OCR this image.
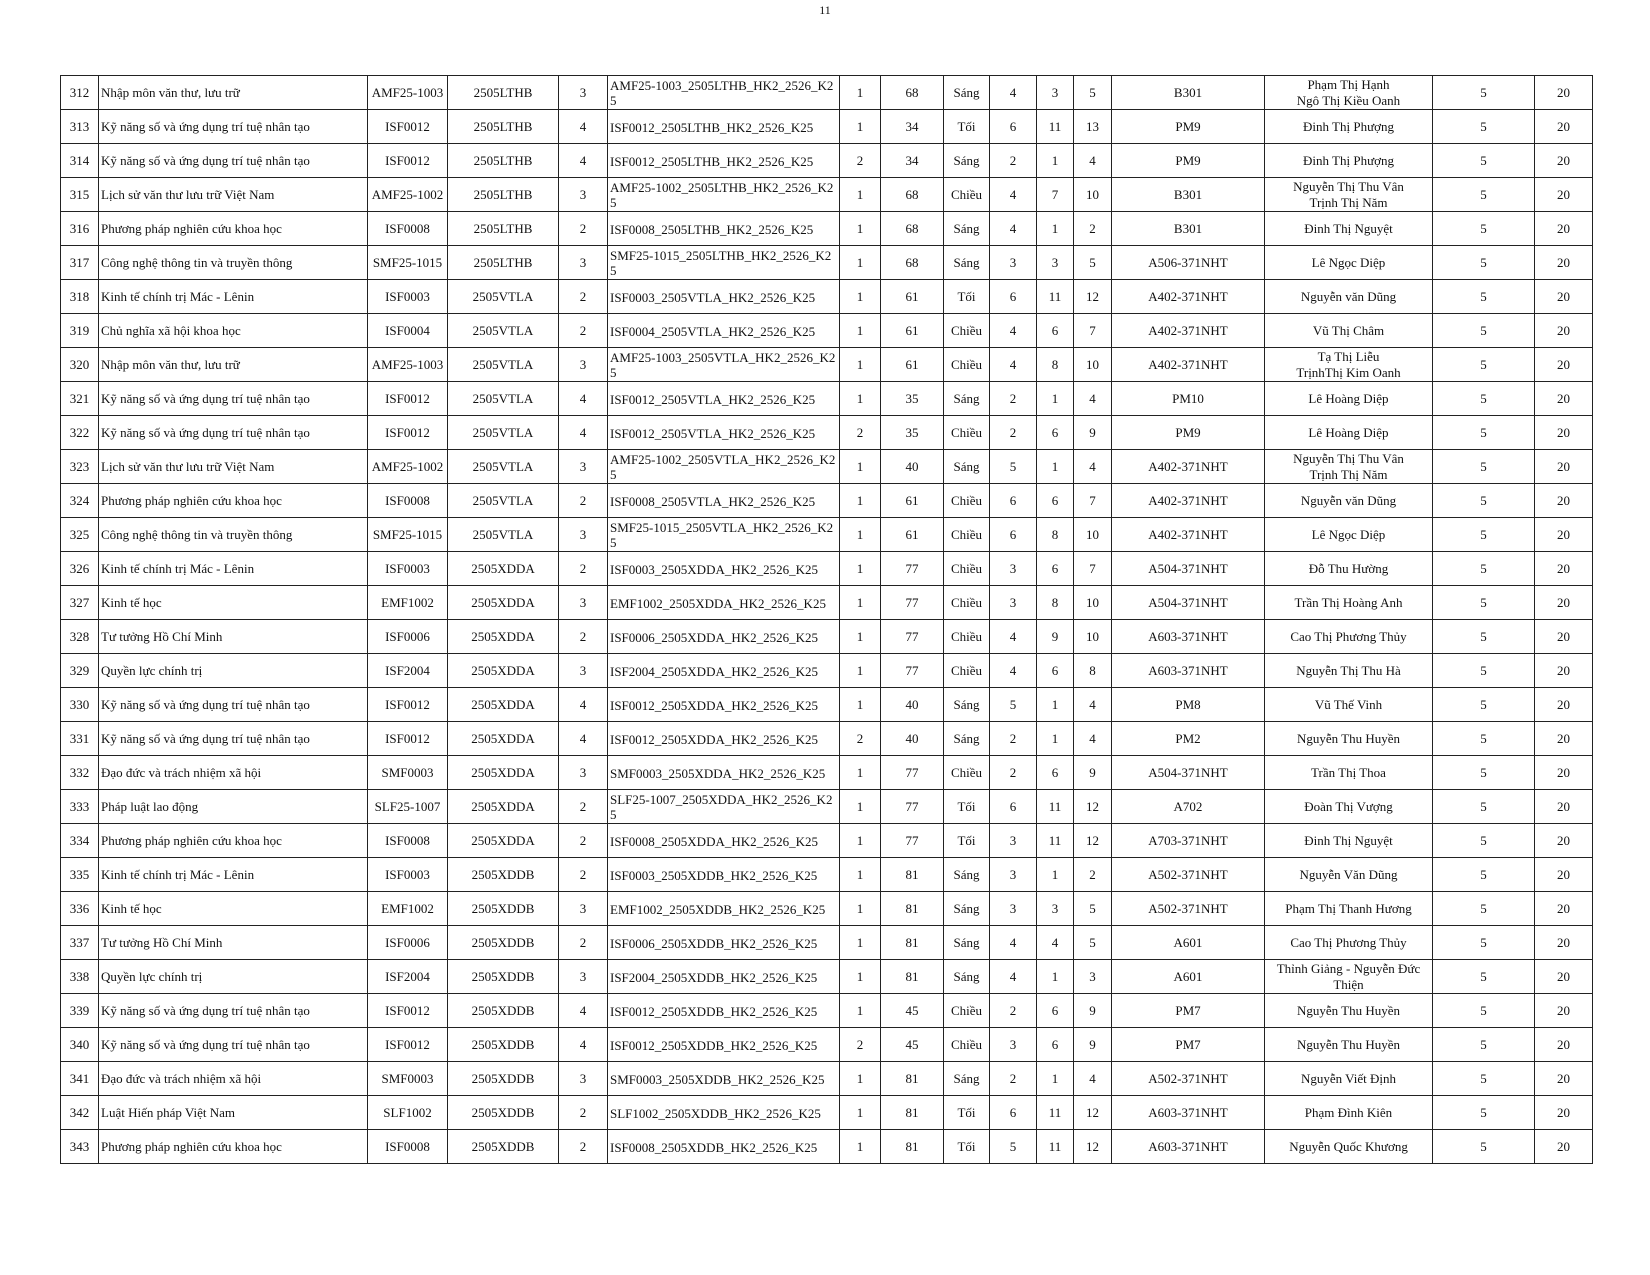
11
312	Nhập môn văn thư, lưu trữ	AMF25-1003	2505LTHB	3	AMF25-1003_2505LTHB_HK2_2526_K25	1	68	Sáng	4	3	5	B301	Phạm Thị Hạnh
Ngô Thị Kiều Oanh	5	20
313	Kỹ năng số và ứng dụng trí tuệ nhân tạo	ISF0012	2505LTHB	4	ISF0012_2505LTHB_HK2_2526_K25	1	34	Tối	6	11	13	PM9	Đinh Thị Phượng	5	20
314	Kỹ năng số và ứng dụng trí tuệ nhân tạo	ISF0012	2505LTHB	4	ISF0012_2505LTHB_HK2_2526_K25	2	34	Sáng	2	1	4	PM9	Đinh Thị Phượng	5	20
315	Lịch sử văn thư lưu trữ Việt Nam	AMF25-1002	2505LTHB	3	AMF25-1002_2505LTHB_HK2_2526_K25	1	68	Chiều	4	7	10	B301	Nguyễn Thị Thu Vân
Trịnh Thị Năm	5	20
316	Phương pháp nghiên cứu khoa học	ISF0008	2505LTHB	2	ISF0008_2505LTHB_HK2_2526_K25	1	68	Sáng	4	1	2	B301	Đinh Thị Nguyệt	5	20
317	Công nghệ thông tin và truyền thông	SMF25-1015	2505LTHB	3	SMF25-1015_2505LTHB_HK2_2526_K25	1	68	Sáng	3	3	5	A506-371NHT	Lê Ngọc Diệp	5	20
318	Kinh tế chính trị Mác - Lênin	ISF0003	2505VTLA	2	ISF0003_2505VTLA_HK2_2526_K25	1	61	Tối	6	11	12	A402-371NHT	Nguyễn văn Dũng	5	20
319	Chủ nghĩa xã hội khoa học	ISF0004	2505VTLA	2	ISF0004_2505VTLA_HK2_2526_K25	1	61	Chiều	4	6	7	A402-371NHT	Vũ Thị Châm	5	20
320	Nhập môn văn thư, lưu trữ	AMF25-1003	2505VTLA	3	AMF25-1003_2505VTLA_HK2_2526_K25	1	61	Chiều	4	8	10	A402-371NHT	Tạ Thị Liễu
TrịnhThị Kim Oanh	5	20
321	Kỹ năng số và ứng dụng trí tuệ nhân tạo	ISF0012	2505VTLA	4	ISF0012_2505VTLA_HK2_2526_K25	1	35	Sáng	2	1	4	PM10	Lê Hoàng Diệp	5	20
322	Kỹ năng số và ứng dụng trí tuệ nhân tạo	ISF0012	2505VTLA	4	ISF0012_2505VTLA_HK2_2526_K25	2	35	Chiều	2	6	9	PM9	Lê Hoàng Diệp	5	20
323	Lịch sử văn thư lưu trữ Việt Nam	AMF25-1002	2505VTLA	3	AMF25-1002_2505VTLA_HK2_2526_K25	1	40	Sáng	5	1	4	A402-371NHT	Nguyễn Thị Thu Vân
Trịnh Thị Năm	5	20
324	Phương pháp nghiên cứu khoa học	ISF0008	2505VTLA	2	ISF0008_2505VTLA_HK2_2526_K25	1	61	Chiều	6	6	7	A402-371NHT	Nguyễn văn Dũng	5	20
325	Công nghệ thông tin và truyền thông	SMF25-1015	2505VTLA	3	SMF25-1015_2505VTLA_HK2_2526_K25	1	61	Chiều	6	8	10	A402-371NHT	Lê Ngọc Diệp	5	20
326	Kinh tế chính trị Mác - Lênin	ISF0003	2505XDDA	2	ISF0003_2505XDDA_HK2_2526_K25	1	77	Chiều	3	6	7	A504-371NHT	Đỗ Thu Hường	5	20
327	Kinh tế học	EMF1002	2505XDDA	3	EMF1002_2505XDDA_HK2_2526_K25	1	77	Chiều	3	8	10	A504-371NHT	Trần Thị Hoàng Anh	5	20
328	Tư tưởng Hồ Chí Minh	ISF0006	2505XDDA	2	ISF0006_2505XDDA_HK2_2526_K25	1	77	Chiều	4	9	10	A603-371NHT	Cao Thị Phương Thủy	5	20
329	Quyền lực chính trị	ISF2004	2505XDDA	3	ISF2004_2505XDDA_HK2_2526_K25	1	77	Chiều	4	6	8	A603-371NHT	Nguyễn Thị Thu Hà	5	20
330	Kỹ năng số và ứng dụng trí tuệ nhân tạo	ISF0012	2505XDDA	4	ISF0012_2505XDDA_HK2_2526_K25	1	40	Sáng	5	1	4	PM8	Vũ Thế Vinh	5	20
331	Kỹ năng số và ứng dụng trí tuệ nhân tạo	ISF0012	2505XDDA	4	ISF0012_2505XDDA_HK2_2526_K25	2	40	Sáng	2	1	4	PM2	Nguyễn Thu Huyền	5	20
332	Đạo đức và trách nhiệm xã hội	SMF0003	2505XDDA	3	SMF0003_2505XDDA_HK2_2526_K25	1	77	Chiều	2	6	9	A504-371NHT	Trần Thị Thoa	5	20
333	Pháp luật lao động	SLF25-1007	2505XDDA	2	SLF25-1007_2505XDDA_HK2_2526_K25	1	77	Tối	6	11	12	A702	Đoàn Thị Vượng	5	20
334	Phương pháp nghiên cứu khoa học	ISF0008	2505XDDA	2	ISF0008_2505XDDA_HK2_2526_K25	1	77	Tối	3	11	12	A703-371NHT	Đinh Thị Nguyệt	5	20
335	Kinh tế chính trị Mác - Lênin	ISF0003	2505XDDB	2	ISF0003_2505XDDB_HK2_2526_K25	1	81	Sáng	3	1	2	A502-371NHT	Nguyễn Văn Dũng	5	20
336	Kinh tế học	EMF1002	2505XDDB	3	EMF1002_2505XDDB_HK2_2526_K25	1	81	Sáng	3	3	5	A502-371NHT	Phạm Thị Thanh Hương	5	20
337	Tư tưởng Hồ Chí Minh	ISF0006	2505XDDB	2	ISF0006_2505XDDB_HK2_2526_K25	1	81	Sáng	4	4	5	A601	Cao Thị Phương Thủy	5	20
338	Quyền lực chính trị	ISF2004	2505XDDB	3	ISF2004_2505XDDB_HK2_2526_K25	1	81	Sáng	4	1	3	A601	Thỉnh Giảng - Nguyễn Đức
Thiện	5	20
339	Kỹ năng số và ứng dụng trí tuệ nhân tạo	ISF0012	2505XDDB	4	ISF0012_2505XDDB_HK2_2526_K25	1	45	Chiều	2	6	9	PM7	Nguyễn Thu Huyền	5	20
340	Kỹ năng số và ứng dụng trí tuệ nhân tạo	ISF0012	2505XDDB	4	ISF0012_2505XDDB_HK2_2526_K25	2	45	Chiều	3	6	9	PM7	Nguyễn Thu Huyền	5	20
341	Đạo đức và trách nhiệm xã hội	SMF0003	2505XDDB	3	SMF0003_2505XDDB_HK2_2526_K25	1	81	Sáng	2	1	4	A502-371NHT	Nguyễn Viết Định	5	20
342	Luật Hiến pháp Việt Nam	SLF1002	2505XDDB	2	SLF1002_2505XDDB_HK2_2526_K25	1	81	Tối	6	11	12	A603-371NHT	Phạm Đình Kiên	5	20
343	Phương pháp nghiên cứu khoa học	ISF0008	2505XDDB	2	ISF0008_2505XDDB_HK2_2526_K25	1	81	Tối	5	11	12	A603-371NHT	Nguyễn Quốc Khương	5	20
